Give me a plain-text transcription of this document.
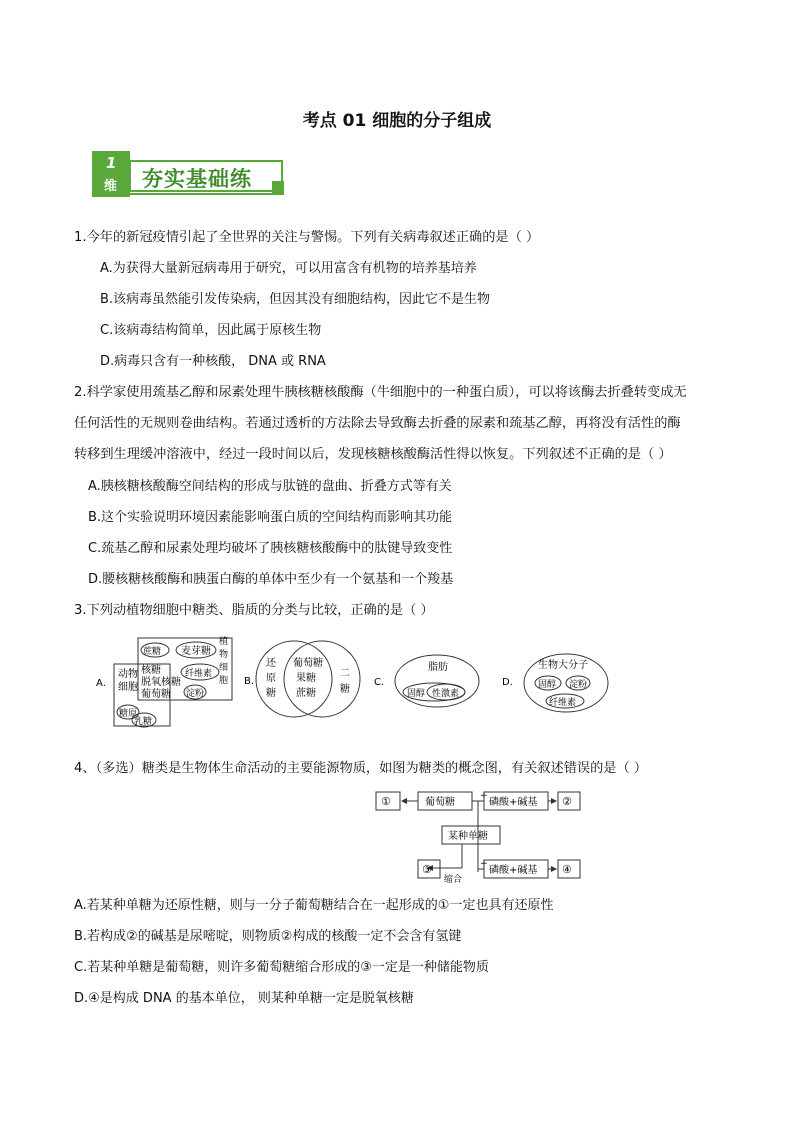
考点 01 细胞的分子组成
1
维 夯实基础练
1.今年的新冠疫情引起了全世界的关注与警惕。下列有关病毒叙述正确的是（ ）
A.为获得大量新冠病毒用于研究，可以用富含有机物的培养基培养
B.该病毒虽然能引发传染病，但因其没有细胞结构，因此它不是生物
C.该病毒结构简单，因此属于原核生物
D.病毒只含有一种核酸， DNA 或 RNA
2.科学家使用巯基乙醇和尿素处理牛胰核糖核酸酶（牛细胞中的一种蛋白质），可以将该酶去折叠转变成无
任何活性的无规则卷曲结构。若通过透析的方法除去导致酶去折叠的尿素和巯基乙醇，再将没有活性的酶
转移到生理缓冲溶液中，经过一段时间以后，发现核糖核酸酶活性得以恢复。下列叙述不正确的是（ ）
A.胰核糖核酸酶空间结构的形成与肽链的盘曲、折叠方式等有关
B.这个实验说明环境因素能影响蛋白质的空间结构而影响其功能
C.巯基乙醇和尿素处理均破坏了胰核糖核酸酶中的肽键导致变性
D.腰核糖核酸酶和胰蛋白酶的单体中至少有一个氨基和一个羧基
3.下列动植物细胞中糖类、脂质的分类与比较，正确的是（ ）
A．
动物
细胞
核糖
脱氧核糖
葡萄糖
植
物
细
胞
蔗糖 麦芽糖
纤维素
淀粉
糖原
乳糖
B．
还
原
糖
葡萄糖
果糖
蔗糖
二
糖
C．
脂肪
固醇 性激素
D．
生物大分子
固醇 淀粉
纤维素
4、（多选）糖类是生物体生命活动的主要能源物质，如图为糖类的概念图，有关叙述错误的是（ ）
①	葡萄糖
+
磷酸+碱基 ②
某种单糖
缩合
③	+
磷酸+碱基 ④
A.若某种单糖为还原性糖，则与一分子葡萄糖结合在一起形成的①一定也具有还原性
B.若构成②的碱基是尿嘧啶，则物质②构成的核酸一定不会含有氢键
C.若某种单糖是葡萄糖，则许多葡萄糖缩合形成的③一定是一种储能物质
D.④是构成 DNA 的基本单位， 则某种单糖一定是脱氧核糖
